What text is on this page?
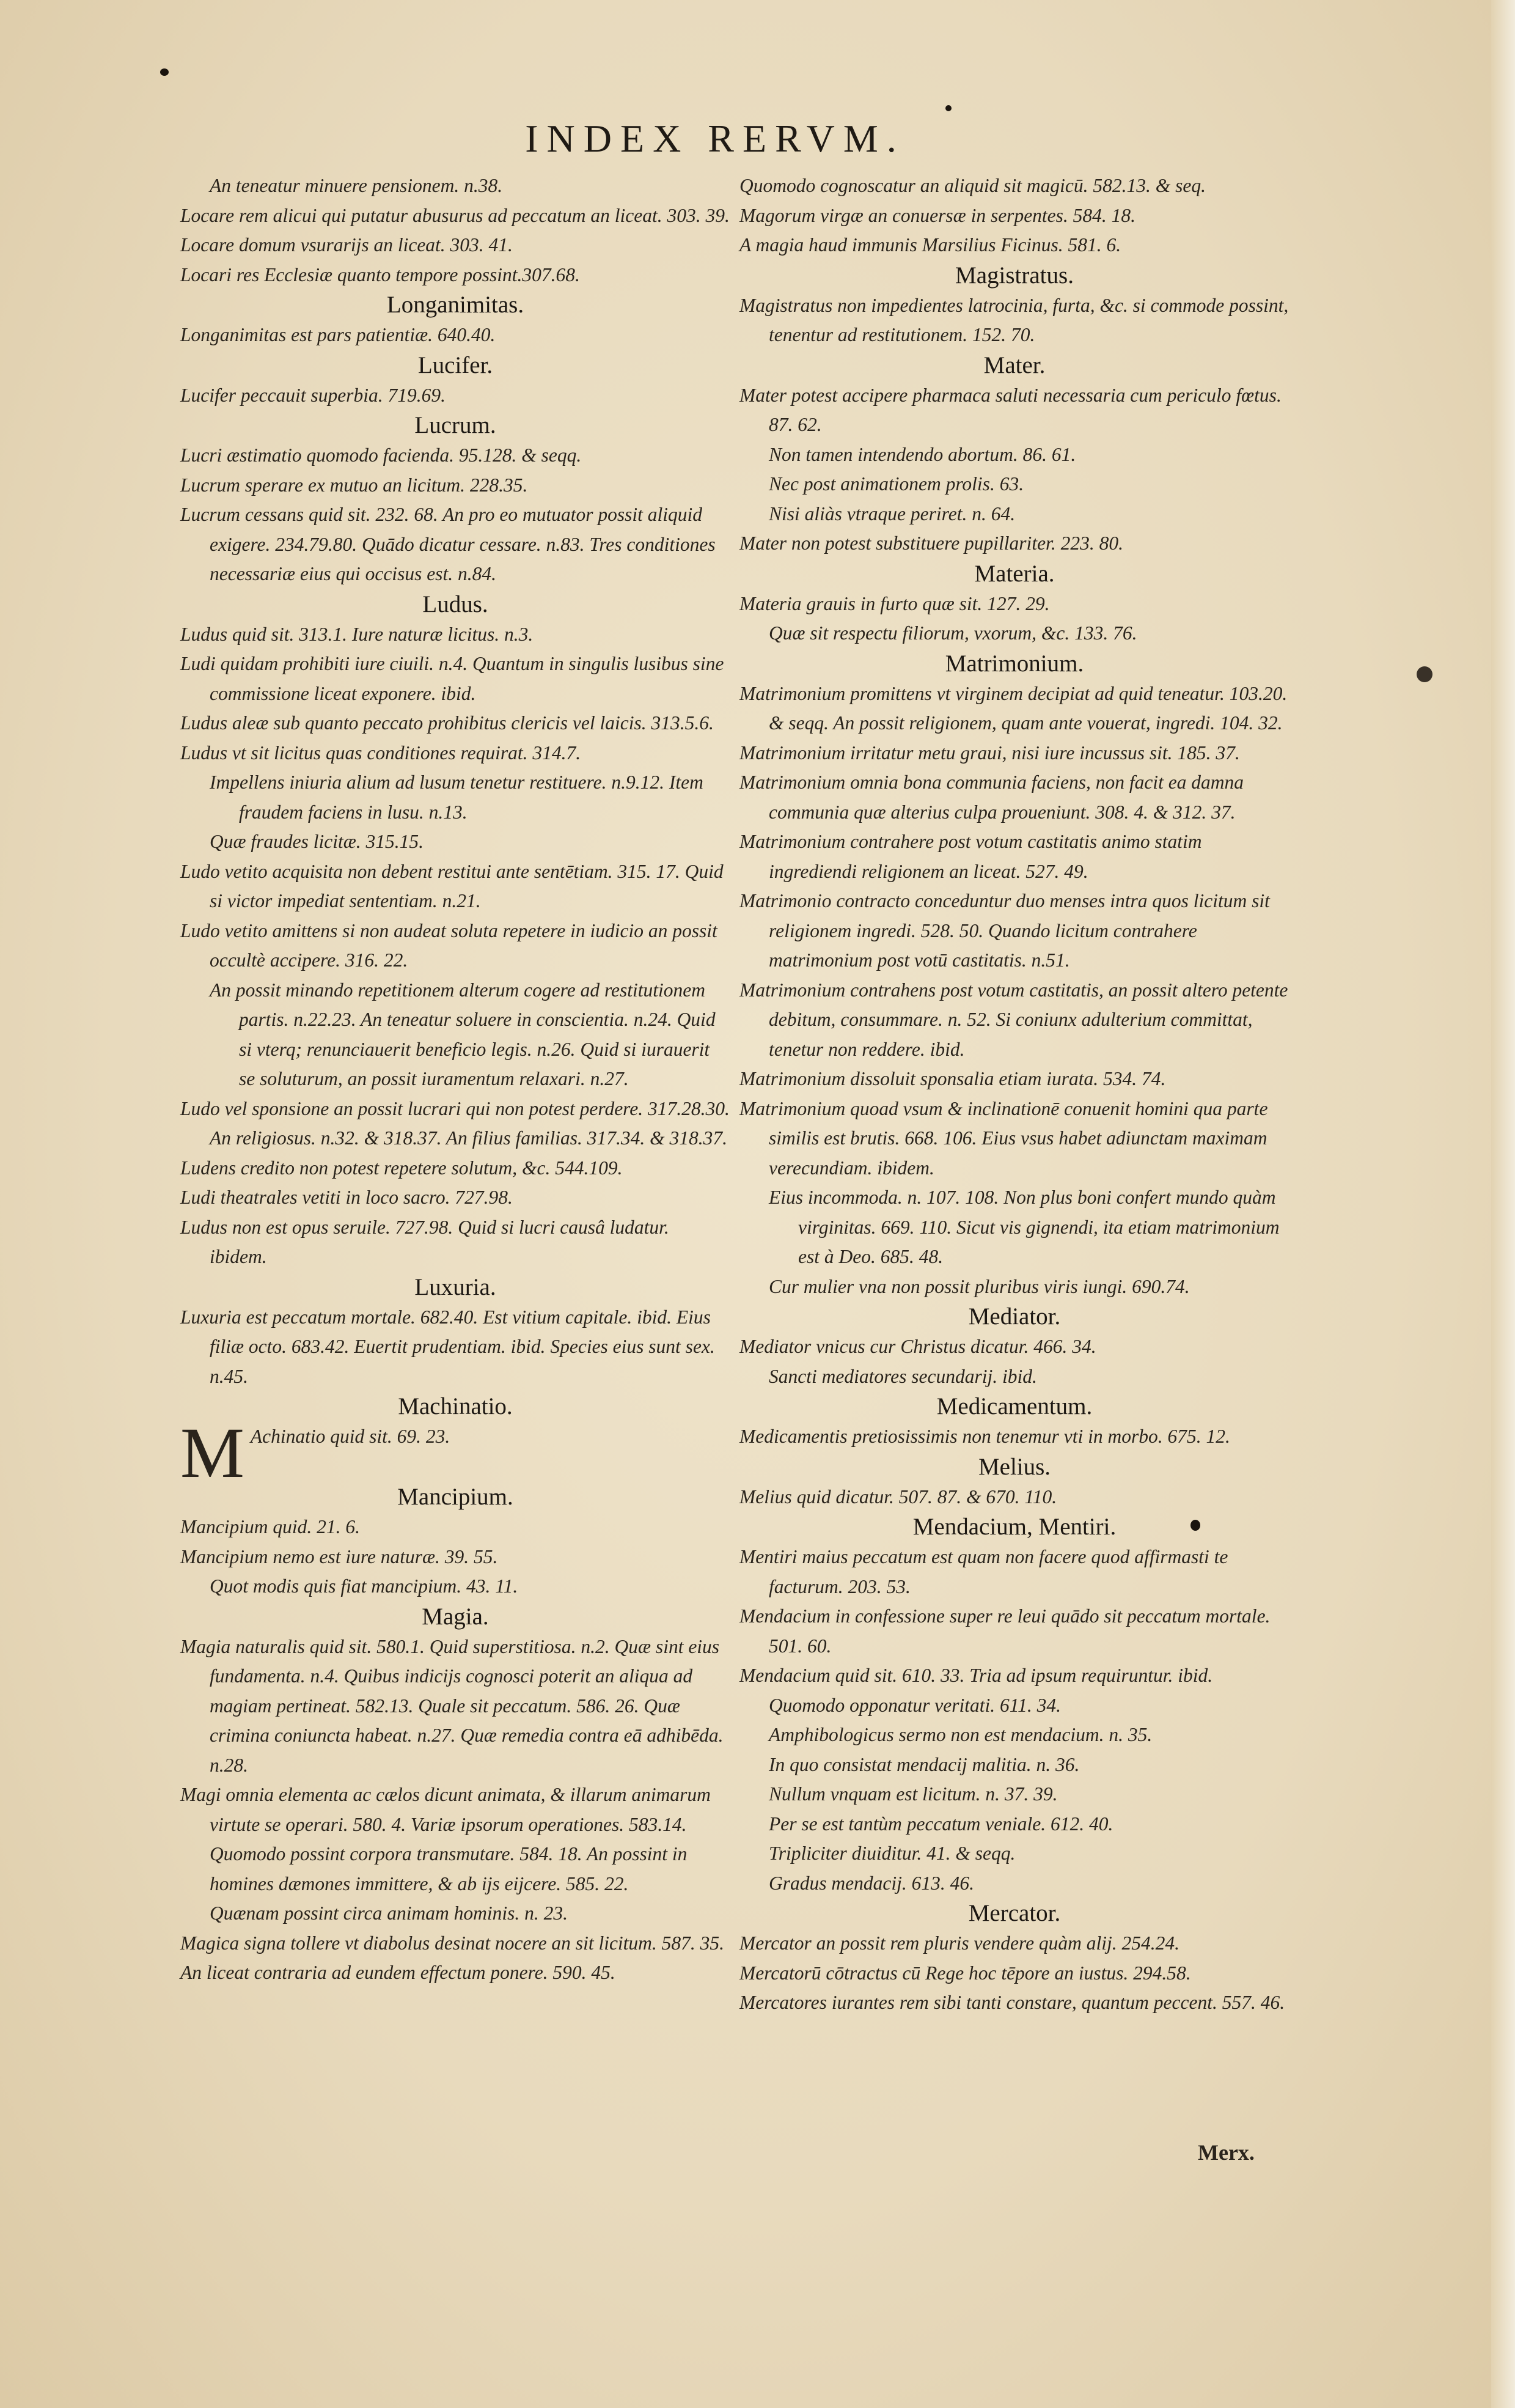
INDEX RERVM.
An teneatur minuere pensionem. n.38.
Locare rem alicui qui putatur abusurus ad peccatum an liceat. 303. 39.
Locare domum vsurarijs an liceat. 303. 41.
Locari res Ecclesiæ quanto tempore possint.307.68.
Longanimitas.
Longanimitas est pars patientiæ. 640.40.
Lucifer.
Lucifer peccauit superbia. 719.69.
Lucrum.
Lucri æstimatio quomodo facienda. 95.128. & seqq.
Lucrum sperare ex mutuo an licitum. 228.35.
Lucrum cessans quid sit. 232. 68. An pro eo mutuator possit aliquid exigere. 234.79.80. Quādo dicatur cessare. n.83. Tres conditiones necessariæ eius qui occisus est. n.84.
Ludus.
Ludus quid sit. 313.1. Iure naturæ licitus. n.3.
Ludi quidam prohibiti iure ciuili. n.4. Quantum in singulis lusibus sine commissione liceat exponere. ibid.
Ludus aleæ sub quanto peccato prohibitus clericis vel laicis. 313.5.6.
Ludus vt sit licitus quas conditiones requirat. 314.7.
Impellens iniuria alium ad lusum tenetur restituere. n.9.12. Item fraudem faciens in lusu. n.13.
Quæ fraudes licitæ. 315.15.
Ludo vetito acquisita non debent restitui ante sentētiam. 315. 17. Quid si victor impediat sententiam. n.21.
Ludo vetito amittens si non audeat soluta repetere in iudicio an possit occultè accipere. 316. 22.
An possit minando repetitionem alterum cogere ad restitutionem partis. n.22.23. An teneatur soluere in conscientia. n.24. Quid si vterq; renunciauerit beneficio legis. n.26. Quid si iurauerit se soluturum, an possit iuramentum relaxari. n.27.
Ludo vel sponsione an possit lucrari qui non potest perdere. 317.28.30. An religiosus. n.32. & 318.37. An filius familias. 317.34. & 318.37.
Ludens credito non potest repetere solutum, &c. 544.109.
Ludi theatrales vetiti in loco sacro. 727.98.
Ludus non est opus seruile. 727.98. Quid si lucri causâ ludatur. ibidem.
Luxuria.
Luxuria est peccatum mortale. 682.40. Est vitium capitale. ibid. Eius filiæ octo. 683.42. Euertit prudentiam. ibid. Species eius sunt sex. n.45.
Machinatio.
M Achinatio quid sit. 69. 23.
Mancipium.
Mancipium quid. 21. 6.
Mancipium nemo est iure naturæ. 39. 55.
Quot modis quis fiat mancipium. 43. 11.
Magia.
Magia naturalis quid sit. 580.1. Quid superstitiosa. n.2. Quæ sint eius fundamenta. n.4. Quibus indicijs cognosci poterit an aliqua ad magiam pertineat. 582.13. Quale sit peccatum. 586. 26. Quæ crimina coniuncta habeat. n.27. Quæ remedia contra eā adhibēda. n.28.
Magi omnia elementa ac cælos dicunt animata, & illarum animarum virtute se operari. 580. 4. Variæ ipsorum operationes. 583.14. Quomodo possint corpora transmutare. 584. 18. An possint in homines dæmones immittere, & ab ijs eijcere. 585. 22.
Quænam possint circa animam hominis. n. 23.
Magica signa tollere vt diabolus desinat nocere an sit licitum. 587. 35.
An liceat contraria ad eundem effectum ponere. 590. 45.
Quomodo cognoscatur an aliquid sit magicū. 582.13. & seq.
Magorum virgæ an conuersæ in serpentes. 584. 18.
A magia haud immunis Marsilius Ficinus. 581. 6.
Magistratus.
Magistratus non impedientes latrocinia, furta, &c. si commode possint, tenentur ad restitutionem. 152. 70.
Mater.
Mater potest accipere pharmaca saluti necessaria cum periculo fœtus. 87. 62.
Non tamen intendendo abortum. 86. 61.
Nec post animationem prolis. 63.
Nisi aliàs vtraque periret. n. 64.
Mater non potest substituere pupillariter. 223. 80.
Materia.
Materia grauis in furto quæ sit. 127. 29.
Quæ sit respectu filiorum, vxorum, &c. 133. 76.
Matrimonium.
Matrimonium promittens vt virginem decipiat ad quid teneatur. 103.20. & seqq. An possit religionem, quam ante vouerat, ingredi. 104. 32.
Matrimonium irritatur metu graui, nisi iure incussus sit. 185. 37.
Matrimonium omnia bona communia faciens, non facit ea damna communia quæ alterius culpa proueniunt. 308. 4. & 312. 37.
Matrimonium contrahere post votum castitatis animo statim ingrediendi religionem an liceat. 527. 49.
Matrimonio contracto conceduntur duo menses intra quos licitum sit religionem ingredi. 528. 50. Quando licitum contrahere matrimonium post votū castitatis. n.51.
Matrimonium contrahens post votum castitatis, an possit altero petente debitum, consummare. n. 52. Si coniunx adulterium committat, tenetur non reddere. ibid.
Matrimonium dissoluit sponsalia etiam iurata. 534. 74.
Matrimonium quoad vsum & inclinationē conuenit homini qua parte similis est brutis. 668. 106. Eius vsus habet adiunctam maximam verecundiam. ibidem.
Eius incommoda. n. 107. 108. Non plus boni confert mundo quàm virginitas. 669. 110. Sicut vis gignendi, ita etiam matrimonium est à Deo. 685. 48.
Cur mulier vna non possit pluribus viris iungi. 690.74.
Mediator.
Mediator vnicus cur Christus dicatur. 466. 34.
Sancti mediatores secundarij. ibid.
Medicamentum.
Medicamentis pretiosissimis non tenemur vti in morbo. 675. 12.
Melius.
Melius quid dicatur. 507. 87. & 670. 110.
Mendacium, Mentiri.
Mentiri maius peccatum est quam non facere quod affirmasti te facturum. 203. 53.
Mendacium in confessione super re leui quādo sit peccatum mortale. 501. 60.
Mendacium quid sit. 610. 33. Tria ad ipsum requiruntur. ibid. Quomodo opponatur veritati. 611. 34.
Amphibologicus sermo non est mendacium. n. 35.
In quo consistat mendacij malitia. n. 36.
Nullum vnquam est licitum. n. 37. 39.
Per se est tantùm peccatum veniale. 612. 40.
Tripliciter diuiditur. 41. & seqq.
Gradus mendacij. 613. 46.
Mercator.
Mercator an possit rem pluris vendere quàm alij. 254.24.
Mercatorū cōtractus cū Rege hoc tēpore an iustus. 294.58.
Mercatores iurantes rem sibi tanti constare, quantum peccent. 557. 46.
Merx.
